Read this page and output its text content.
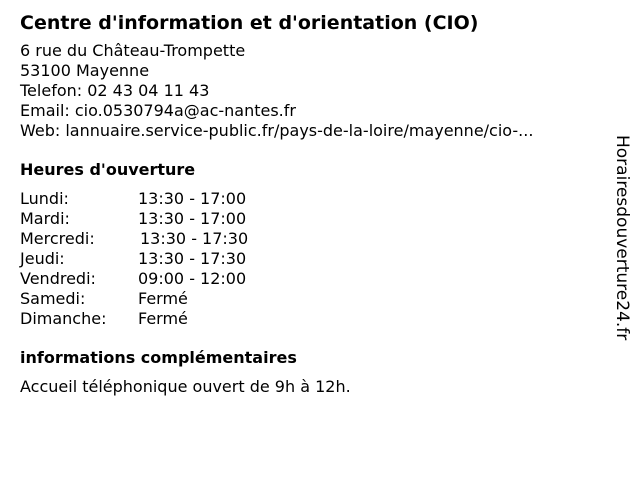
Centre d'information et d'orientation (CIO)
6 rue du Château-Trompette
53100 Mayenne
Telefon: 02 43 04 11 43
Email: cio.0530794a@ac-nantes.fr
Web: lannuaire.service-public.fr/pays-de-la-loire/mayenne/cio-...
Heures d'ouverture
Lundi:	13:30 - 17:00
Mardi:	13:30 - 17:00
Mercredi:	13:30 - 17:30
Jeudi:	13:30 - 17:30
Vendredi:	09:00 - 12:00
Samedi:	Fermé
Dimanche:	Fermé
informations complémentaires
Accueil téléphonique ouvert de 9h à 12h.
Horairesdouverture24.fr
